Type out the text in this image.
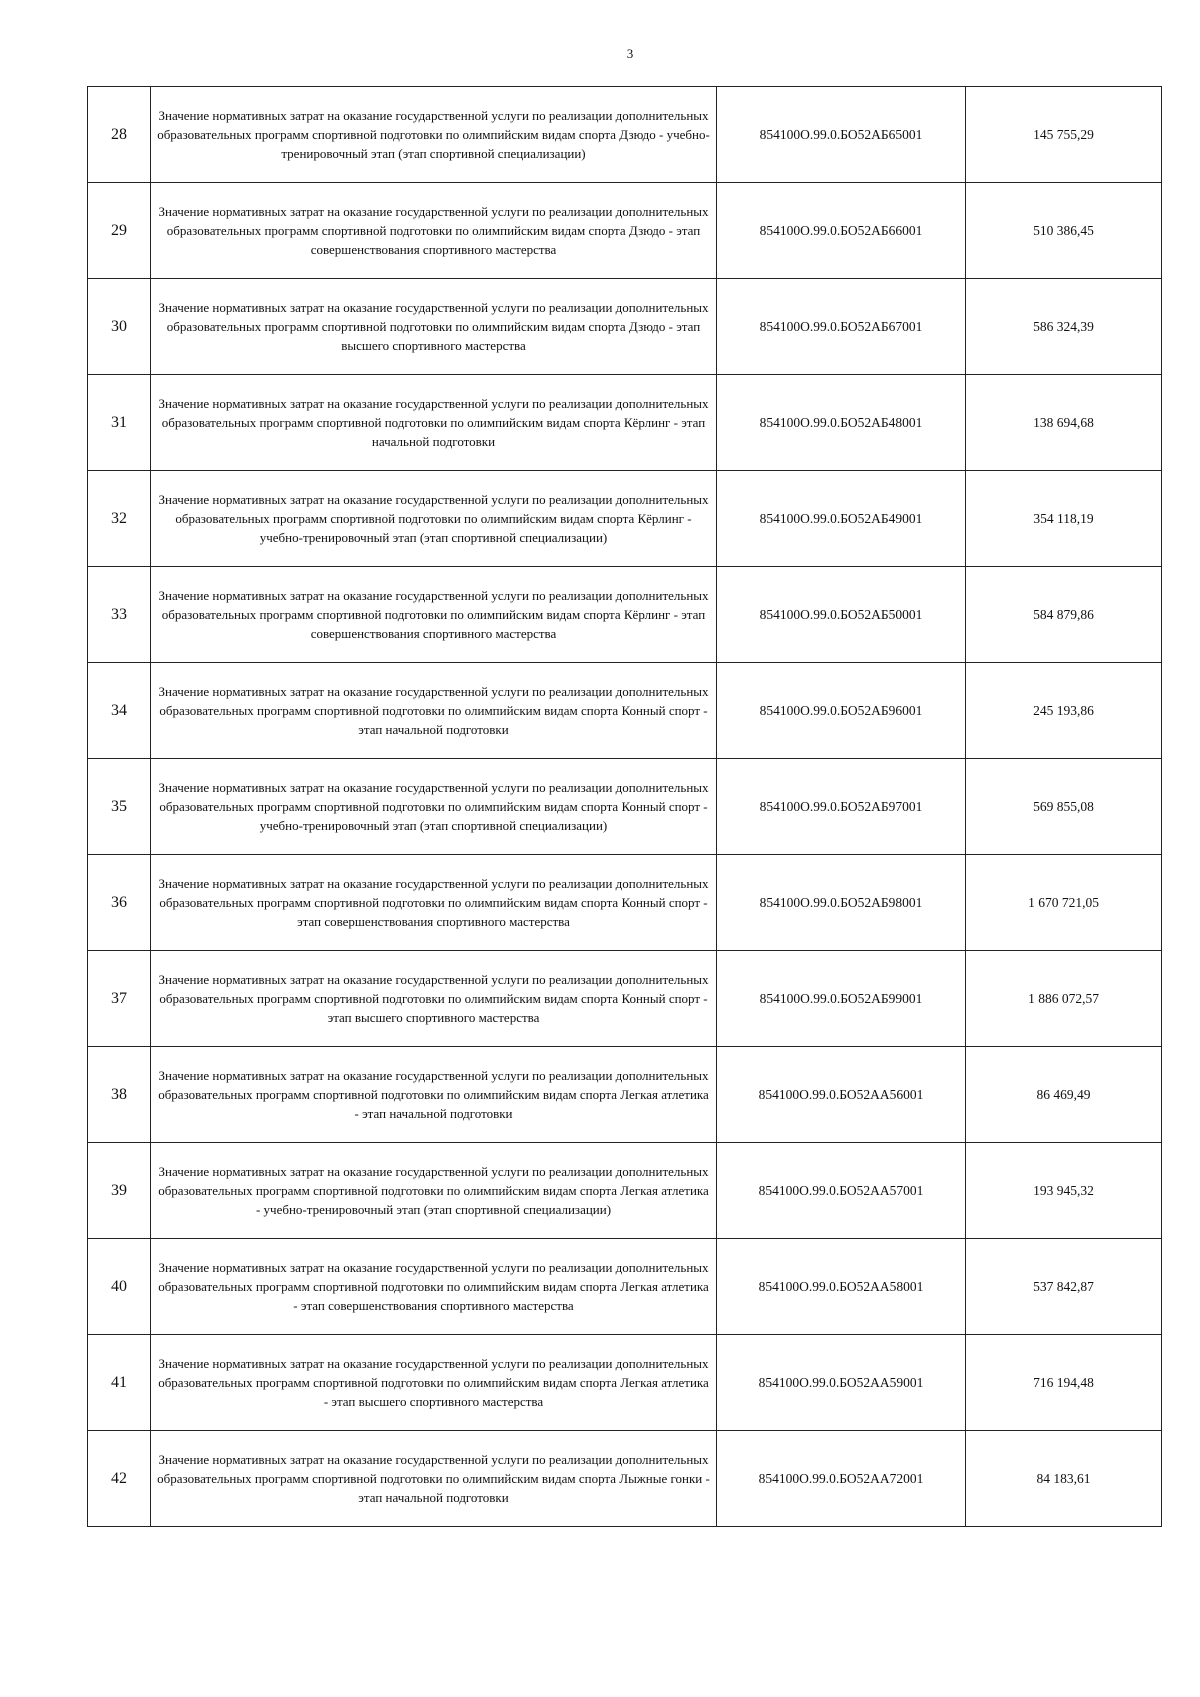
3
28	Значение нормативных затрат на оказание государственной услуги по реализации дополнительных образовательных программ спортивной подготовки по олимпийским видам спорта Дзюдо - учебно-тренировочный этап (этап спортивной специализации)	854100О.99.0.БО52АБ65001	145 755,29
29	Значение нормативных затрат на оказание государственной услуги по реализации дополнительных образовательных программ спортивной подготовки по олимпийским видам спорта Дзюдо - этап совершенствования спортивного мастерства	854100О.99.0.БО52АБ66001	510 386,45
30	Значение нормативных затрат на оказание государственной услуги по реализации дополнительных образовательных программ спортивной подготовки по олимпийским видам спорта Дзюдо - этап высшего спортивного мастерства	854100О.99.0.БО52АБ67001	586 324,39
31	Значение нормативных затрат на оказание государственной услуги по реализации дополнительных образовательных программ спортивной подготовки по олимпийским видам спорта Кёрлинг - этап начальной подготовки	854100О.99.0.БО52АБ48001	138 694,68
32	Значение нормативных затрат на оказание государственной услуги по реализации дополнительных образовательных программ спортивной подготовки по олимпийским видам спорта Кёрлинг - учебно-тренировочный этап (этап спортивной специализации)	854100О.99.0.БО52АБ49001	354 118,19
33	Значение нормативных затрат на оказание государственной услуги по реализации дополнительных образовательных программ спортивной подготовки по олимпийским видам спорта Кёрлинг - этап совершенствования спортивного мастерства	854100О.99.0.БО52АБ50001	584 879,86
34	Значение нормативных затрат на оказание государственной услуги по реализации дополнительных образовательных программ спортивной подготовки по олимпийским видам спорта Конный спорт - этап начальной подготовки	854100О.99.0.БО52АБ96001	245 193,86
35	Значение нормативных затрат на оказание государственной услуги по реализации дополнительных образовательных программ спортивной подготовки по олимпийским видам спорта Конный спорт - учебно-тренировочный этап (этап спортивной специализации)	854100О.99.0.БО52АБ97001	569 855,08
36	Значение нормативных затрат на оказание государственной услуги по реализации дополнительных образовательных программ спортивной подготовки по олимпийским видам спорта Конный спорт - этап совершенствования спортивного мастерства	854100О.99.0.БО52АБ98001	1 670 721,05
37	Значение нормативных затрат на оказание государственной услуги по реализации дополнительных образовательных программ спортивной подготовки по олимпийским видам спорта Конный спорт - этап высшего спортивного мастерства	854100О.99.0.БО52АБ99001	1 886 072,57
38	Значение нормативных затрат на оказание государственной услуги по реализации дополнительных образовательных программ спортивной подготовки по олимпийским видам спорта Легкая атлетика - этап начальной подготовки	854100О.99.0.БО52АА56001	86 469,49
39	Значение нормативных затрат на оказание государственной услуги по реализации дополнительных образовательных программ спортивной подготовки по олимпийским видам спорта Легкая атлетика - учебно-тренировочный этап (этап спортивной специализации)	854100О.99.0.БО52АА57001	193 945,32
40	Значение нормативных затрат на оказание государственной услуги по реализации дополнительных образовательных программ спортивной подготовки по олимпийским видам спорта Легкая атлетика - этап совершенствования спортивного мастерства	854100О.99.0.БО52АА58001	537 842,87
41	Значение нормативных затрат на оказание государственной услуги по реализации дополнительных образовательных программ спортивной подготовки по олимпийским видам спорта Легкая атлетика - этап высшего спортивного мастерства	854100О.99.0.БО52АА59001	716 194,48
42	Значение нормативных затрат на оказание государственной услуги по реализации дополнительных образовательных программ спортивной подготовки по олимпийским видам спорта Лыжные гонки - этап начальной подготовки	854100О.99.0.БО52АА72001	84 183,61
